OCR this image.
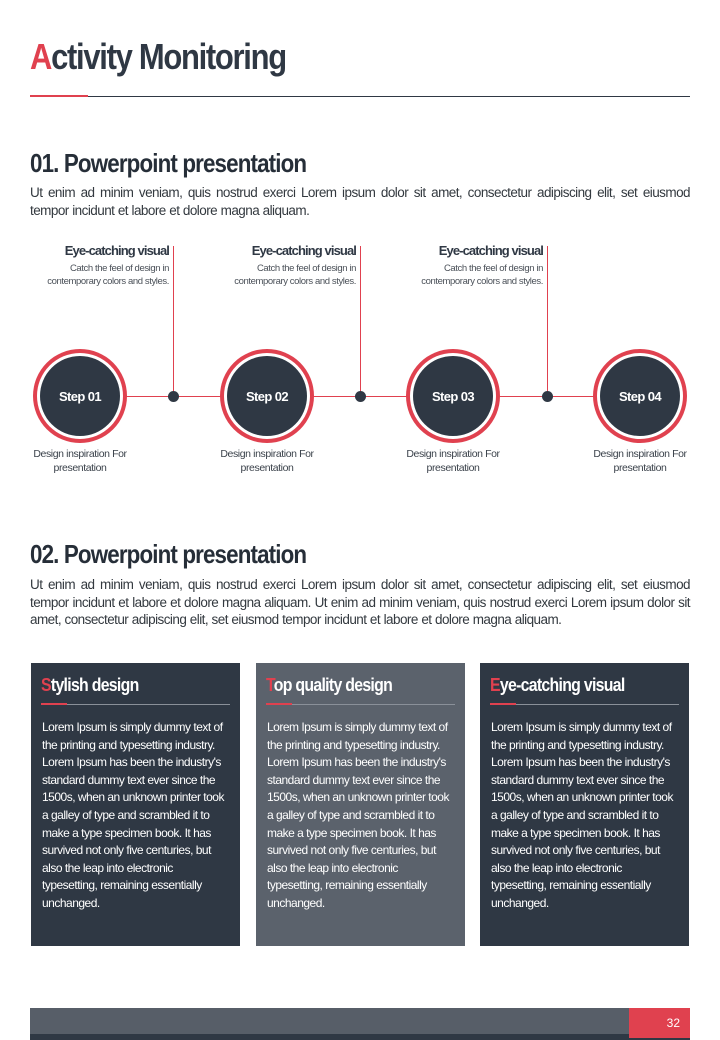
Activity Monitoring
01. Powerpoint presentation

Ut enim ad minim veniam, quis nostrud exerci Lorem ipsum dolor sit amet, consectetur adipiscing elit, set eiusmod tempor incidunt et labore et dolore magna aliquam.

Eye-catching visual
Catch the feel of design in contemporary colors and styles.
Eye-catching visual
Catch the feel of design in contemporary colors and styles.
Eye-catching visual
Catch the feel of design in contemporary colors and styles.
Step 01
Design inspiration For presentation
Step 02
Design inspiration For presentation
Step 03
Design inspiration For presentation
Step 04
Design inspiration For presentation
02. Powerpoint presentation

Ut enim ad minim veniam, quis nostrud exerci Lorem ipsum dolor sit amet, consectetur adipiscing elit, set eiusmod tempor incidunt et labore et dolore magna aliquam. Ut enim ad minim veniam, quis nostrud exerci Lorem ipsum dolor sit amet, consectetur adipiscing elit, set eiusmod tempor incidunt et labore et dolore magna aliquam.

Stylish design

Lorem Ipsum is simply dummy text of the printing and typesetting industry. Lorem Ipsum has been the industry's standard dummy text ever since the 1500s, when an unknown printer took a galley of type and scrambled it to make a type specimen book. It has survived not only five centuries, but also the leap into electronic typesetting, remaining essentially unchanged.

Top quality design

Lorem Ipsum is simply dummy text of the printing and typesetting industry. Lorem Ipsum has been the industry's standard dummy text ever since the 1500s, when an unknown printer took a galley of type and scrambled it to make a type specimen book. It has survived not only five centuries, but also the leap into electronic typesetting, remaining essentially unchanged.

Eye-catching visual

Lorem Ipsum is simply dummy text of the printing and typesetting industry. Lorem Ipsum has been the industry's standard dummy text ever since the 1500s, when an unknown printer took a galley of type and scrambled it to make a type specimen book. It has survived not only five centuries, but also the leap into electronic typesetting, remaining essentially unchanged.

32
